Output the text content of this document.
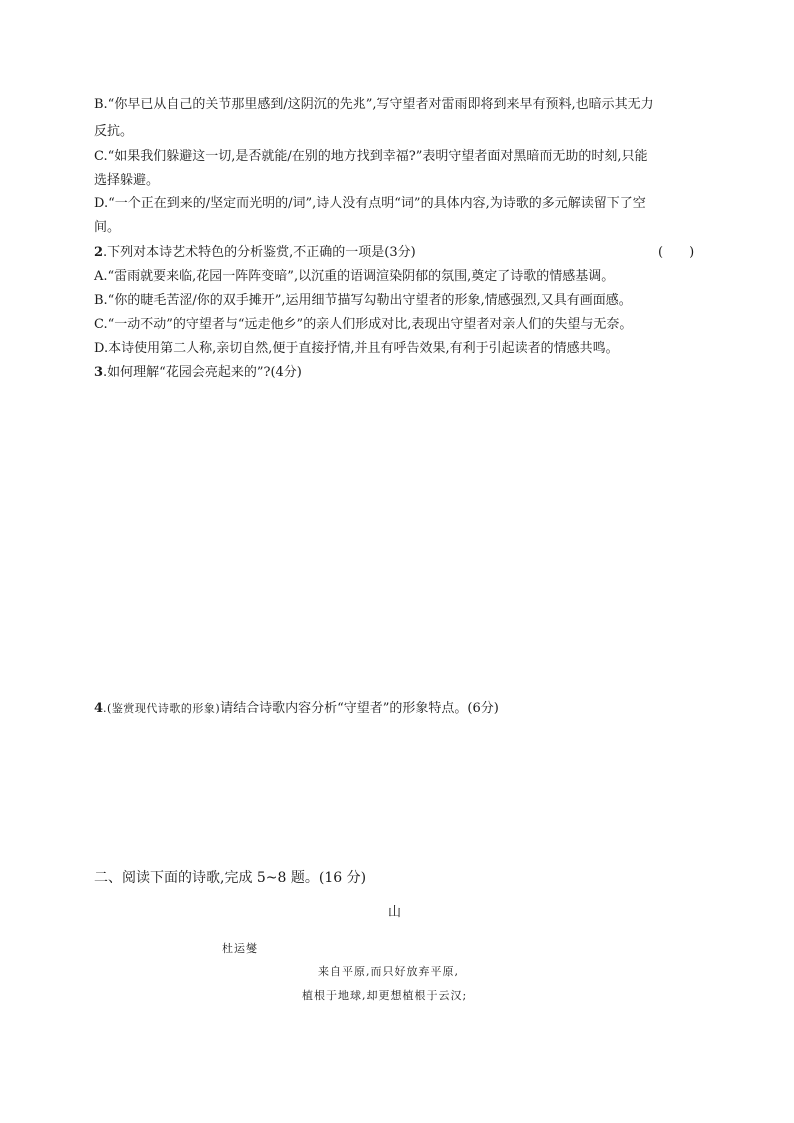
B.“你早已从自己的关节那里感到/这阴沉的先兆”,写守望者对雷雨即将到来早有预料,也暗示其无力
反抗。
C.“如果我们躲避这一切,是否就能/在别的地方找到幸福?”表明守望者面对黑暗而无助的时刻,只能
选择躲避。
D.“一个正在到来的/坚定而光明的/词”,诗人没有点明“词”的具体内容,为诗歌的多元解读留下了空
间。
2.下列对本诗艺术特色的分析鉴赏,不正确的一项是(3分)	(　　)
A.“雷雨就要来临,花园一阵阵变暗”,以沉重的语调渲染阴郁的氛围,奠定了诗歌的情感基调。
B.“你的睫毛苦涩/你的双手摊开”,运用细节描写勾勒出守望者的形象,情感强烈,又具有画面感。
C.“一动不动”的守望者与“远走他乡”的亲人们形成对比,表现出守望者对亲人们的失望与无奈。
D.本诗使用第二人称,亲切自然,便于直接抒情,并且有呼告效果,有利于引起读者的情感共鸣。
3.如何理解“花园会亮起来的”?(4分)
4.(鉴赏现代诗歌的形象)请结合诗歌内容分析“守望者”的形象特点。(6分)
二、阅读下面的诗歌,完成 5~8 题。(16 分)
山
杜运燮
来自平原,而只好放弃平原,
植根于地球,却更想植根于云汉;
